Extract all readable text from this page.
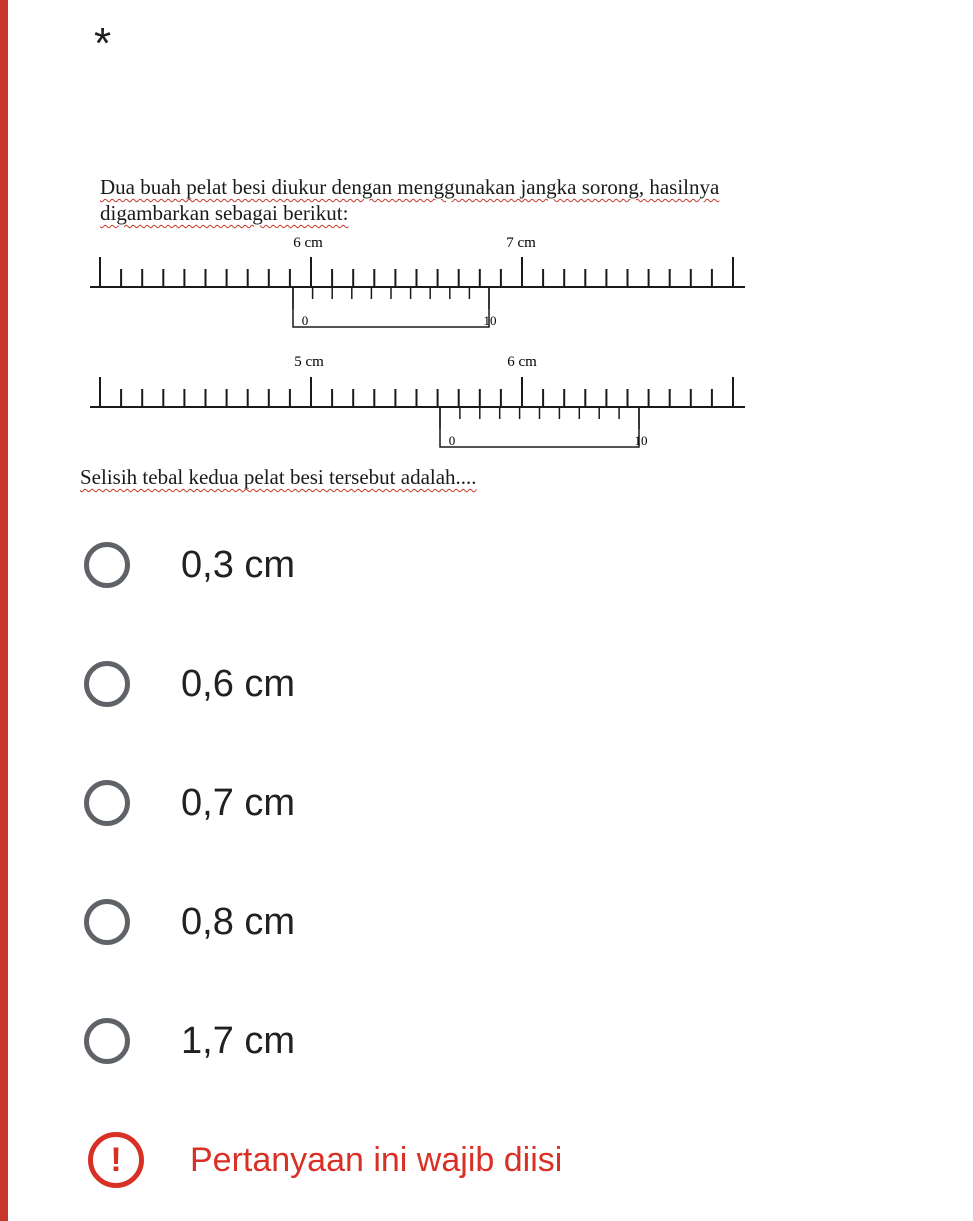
*
6 cm	7 cm
0	10
5 cm	6 cm
0	10
Dua buah pelat besi diukur dengan menggunakan jangka sorong, hasilnya
digambarkan sebagai berikut:
Selisih tebal kedua pelat besi tersebut adalah....
0,3 cm
0,6 cm
0,7 cm
0,8 cm
1,7 cm
!	Pertanyaan ini wajib diisi
